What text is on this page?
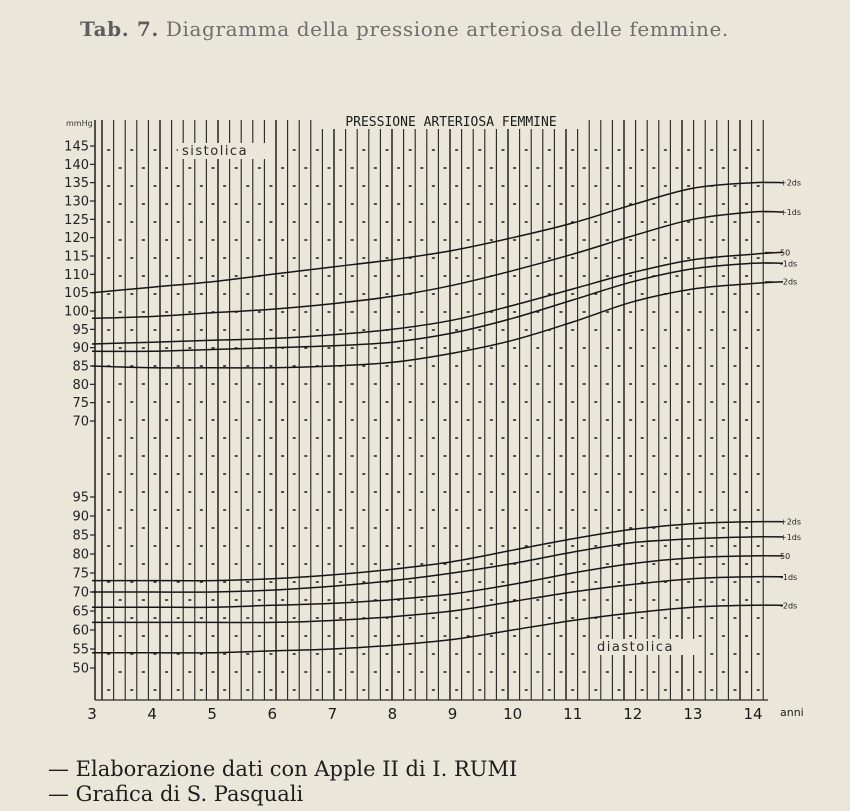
Tab. 7. Diagramma della pressione arteriosa delle femmine.
PRESSIONE ARTERIOSA FEMMINE
mmHg
70
75
80
85
90
95
100
105
110
115
120
125
130
135
140
145
+2ds
+1ds
50
-1ds
-2ds
sistolica
50
55
60
65
70
75
80
85
90
95
+2ds
+1ds
50
-1ds
-2ds
diastolica
3	4	5	6	7	8	9	10	11	12	13	14 anni
— Elaborazione dati con Apple II di I. RUMI
— Grafica di S. Pasquali
